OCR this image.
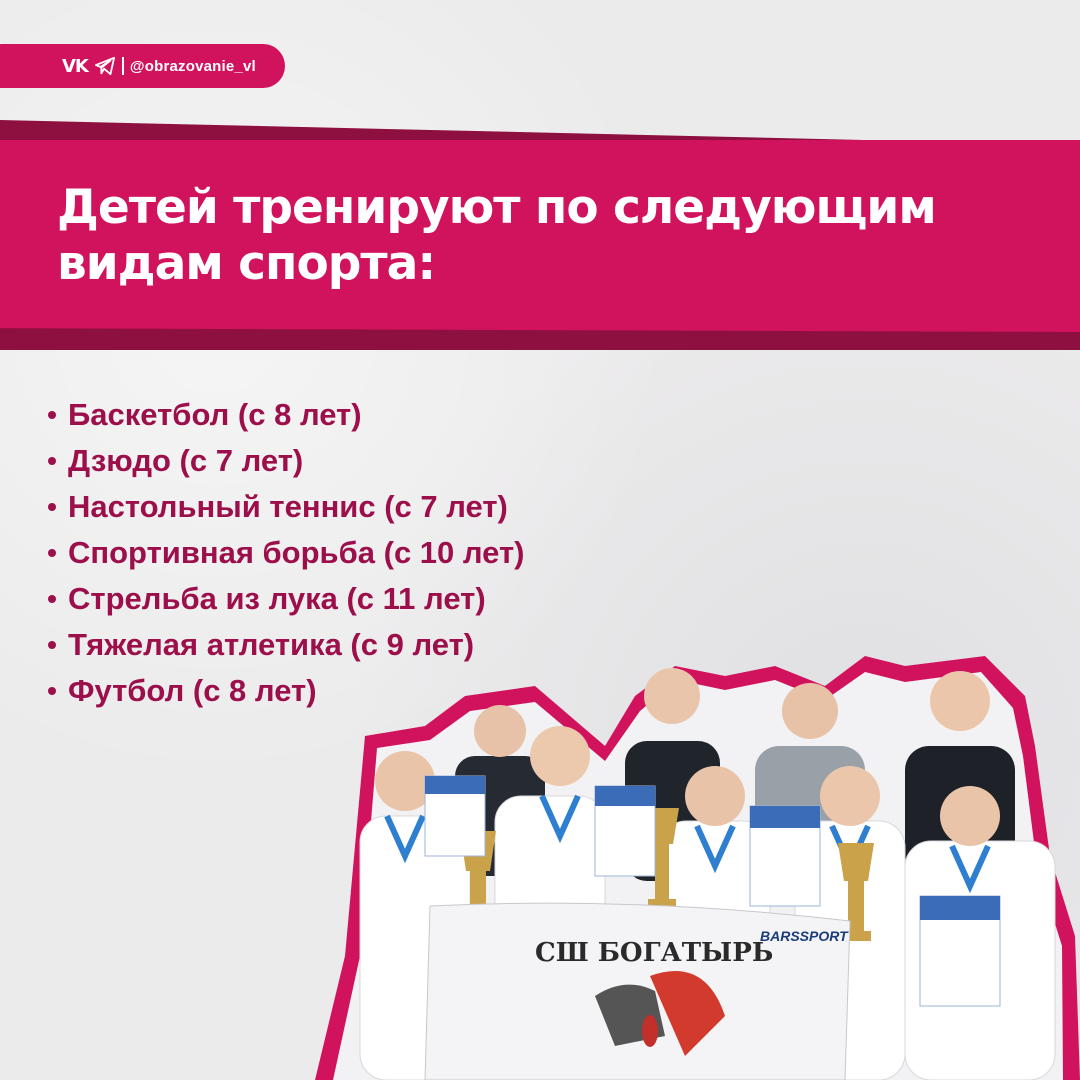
VK	@obrazovanie_vl
Детей тренируют по следующим видам спорта:
Баскетбол (с 8 лет)
Дзюдо (с 7 лет)
Настольный теннис (с 7 лет)
Спортивная борьба (с 10 лет)
Стрельба из лука (с 11 лет)
Тяжелая атлетика (с 9 лет)
Футбол (с 8 лет)
СШ БОГАТЫРЬ
BARSSPORT
